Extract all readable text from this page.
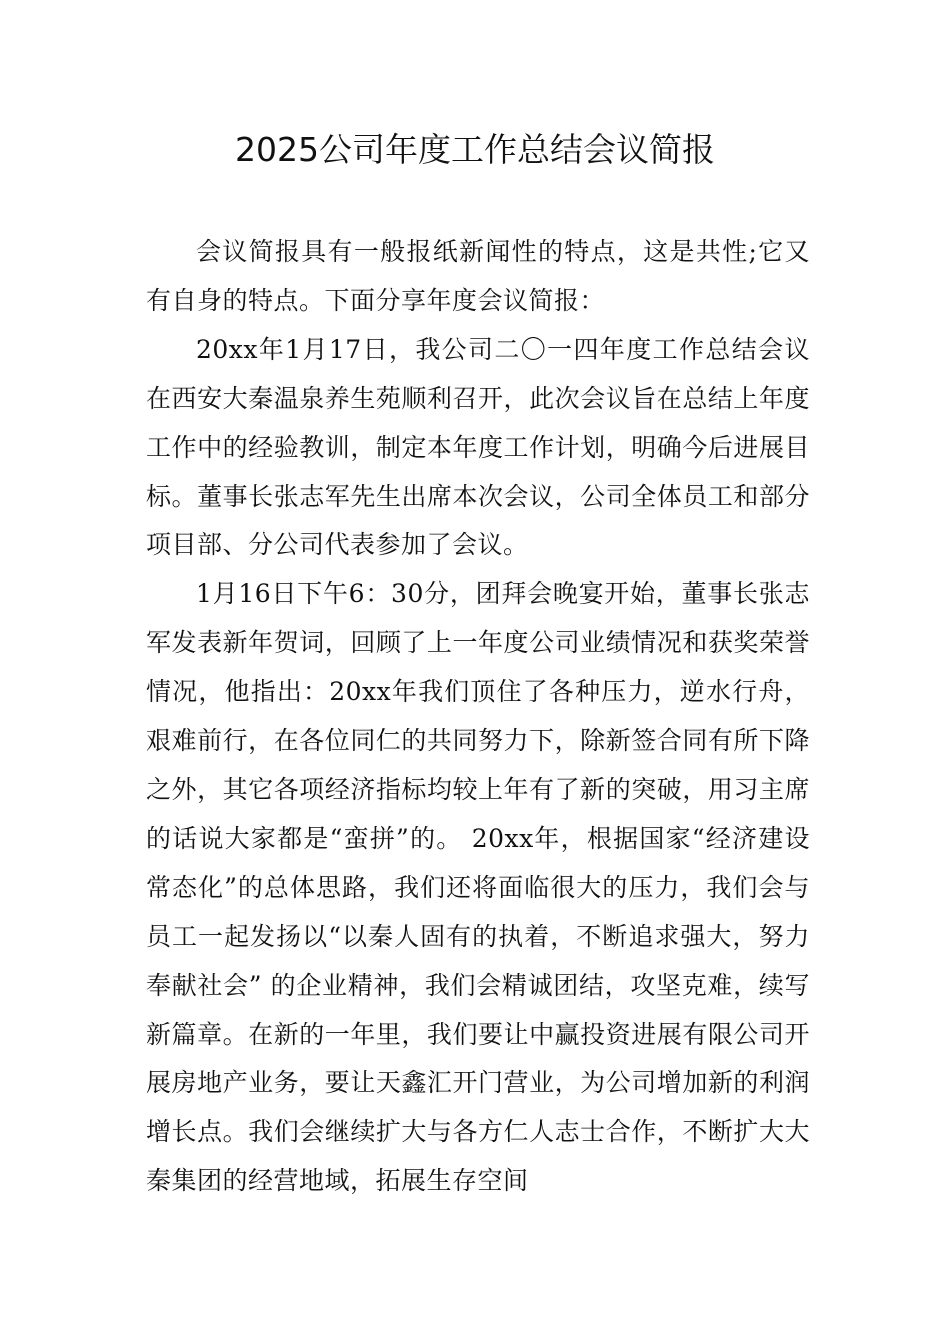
2025公司年度工作总结会议简报

会议简报具有一般报纸新闻性的特点，这是共性;它又有自身的特点。下面分享年度会议简报：

20xx年1月17日，我公司二〇一四年度工作总结会议在西安大秦温泉养生苑顺利召开，此次会议旨在总结上年度工作中的经验教训，制定本年度工作计划，明确今后进展目标。董事长张志军先生出席本次会议，公司全体员工和部分项目部、分公司代表参加了会议。

1月16日下午6：30分，团拜会晚宴开始，董事长张志军发表新年贺词，回顾了上一年度公司业绩情况和获奖荣誉情况，他指出：20xx年我们顶住了各种压力，逆水行舟，艰难前行，在各位同仁的共同努力下，除新签合同有所下降之外，其它各项经济指标均较上年有了新的突破，用习主席的话说大家都是“蛮拼”的。 20xx年，根据国家“经济建设常态化”的总体思路，我们还将面临很大的压力，我们会与员工一起发扬以“以秦人固有的执着，不断追求强大，努力奉献社会” 的企业精神，我们会精诚团结，攻坚克难，续写新篇章。在新的一年里，我们要让中赢投资进展有限公司开展房地产业务，要让天鑫汇开门营业，为公司增加新的利润增长点。我们会继续扩大与各方仁人志士合作，不断扩大大秦集团的经营地域，拓展生存空间
